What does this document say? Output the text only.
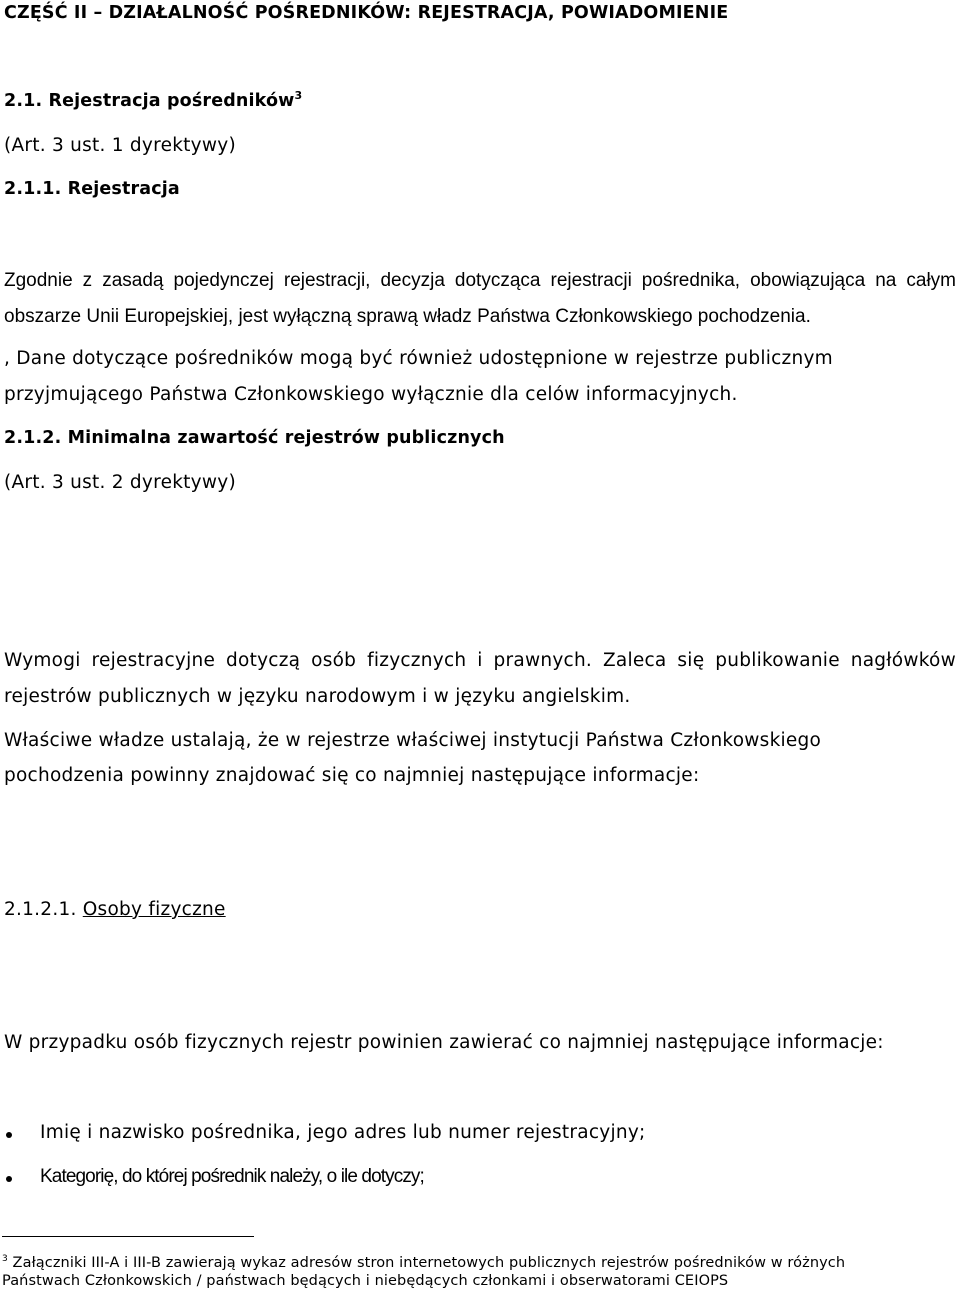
CZĘŚĆ II – DZIAŁALNOŚĆ POŚREDNIKÓW: REJESTRACJA, POWIADOMIENIE
2.1. Rejestracja pośredników$^3$
(Art. 3 ust. 1 dyrektywy)
2.1.1. Rejestracja
Zgodnie z zasadą pojedynczej rejestracji, decyzja dotycząca rejestracji pośrednika, obowiązująca na całym
obszarze Unii Europejskiej, jest wyłączną sprawą władz Państwa Członkowskiego pochodzenia.
, Dane dotyczące pośredników mogą być również udostępnione w rejestrze publicznym
przyjmującego Państwa Członkowskiego wyłącznie dla celów informacyjnych.
2.1.2. Minimalna zawartość rejestrów publicznych
(Art. 3 ust. 2 dyrektywy)
Wymogi rejestracyjne dotyczą osób fizycznych i prawnych. Zaleca się publikowanie nagłówków
rejestrów publicznych w języku narodowym i w języku angielskim.
Właściwe władze ustalają, że w rejestrze właściwej instytucji Państwa Członkowskiego
pochodzenia powinny znajdować się co najmniej następujące informacje:
2.1.2.1. Osoby fizyczne
W przypadku osób fizycznych rejestr powinien zawierać co najmniej następujące informacje:
Imię i nazwisko pośrednika, jego adres lub numer rejestracyjny;
Kategorię, do której pośrednik należy, o ile dotyczy;
$^3$ Załączniki III-A i III-B zawierają wykaz adresów stron internetowych publicznych rejestrów pośredników w różnych
Państwach Członkowskich / państwach będących i niebędących członkami i obserwatorami CEIOPS
